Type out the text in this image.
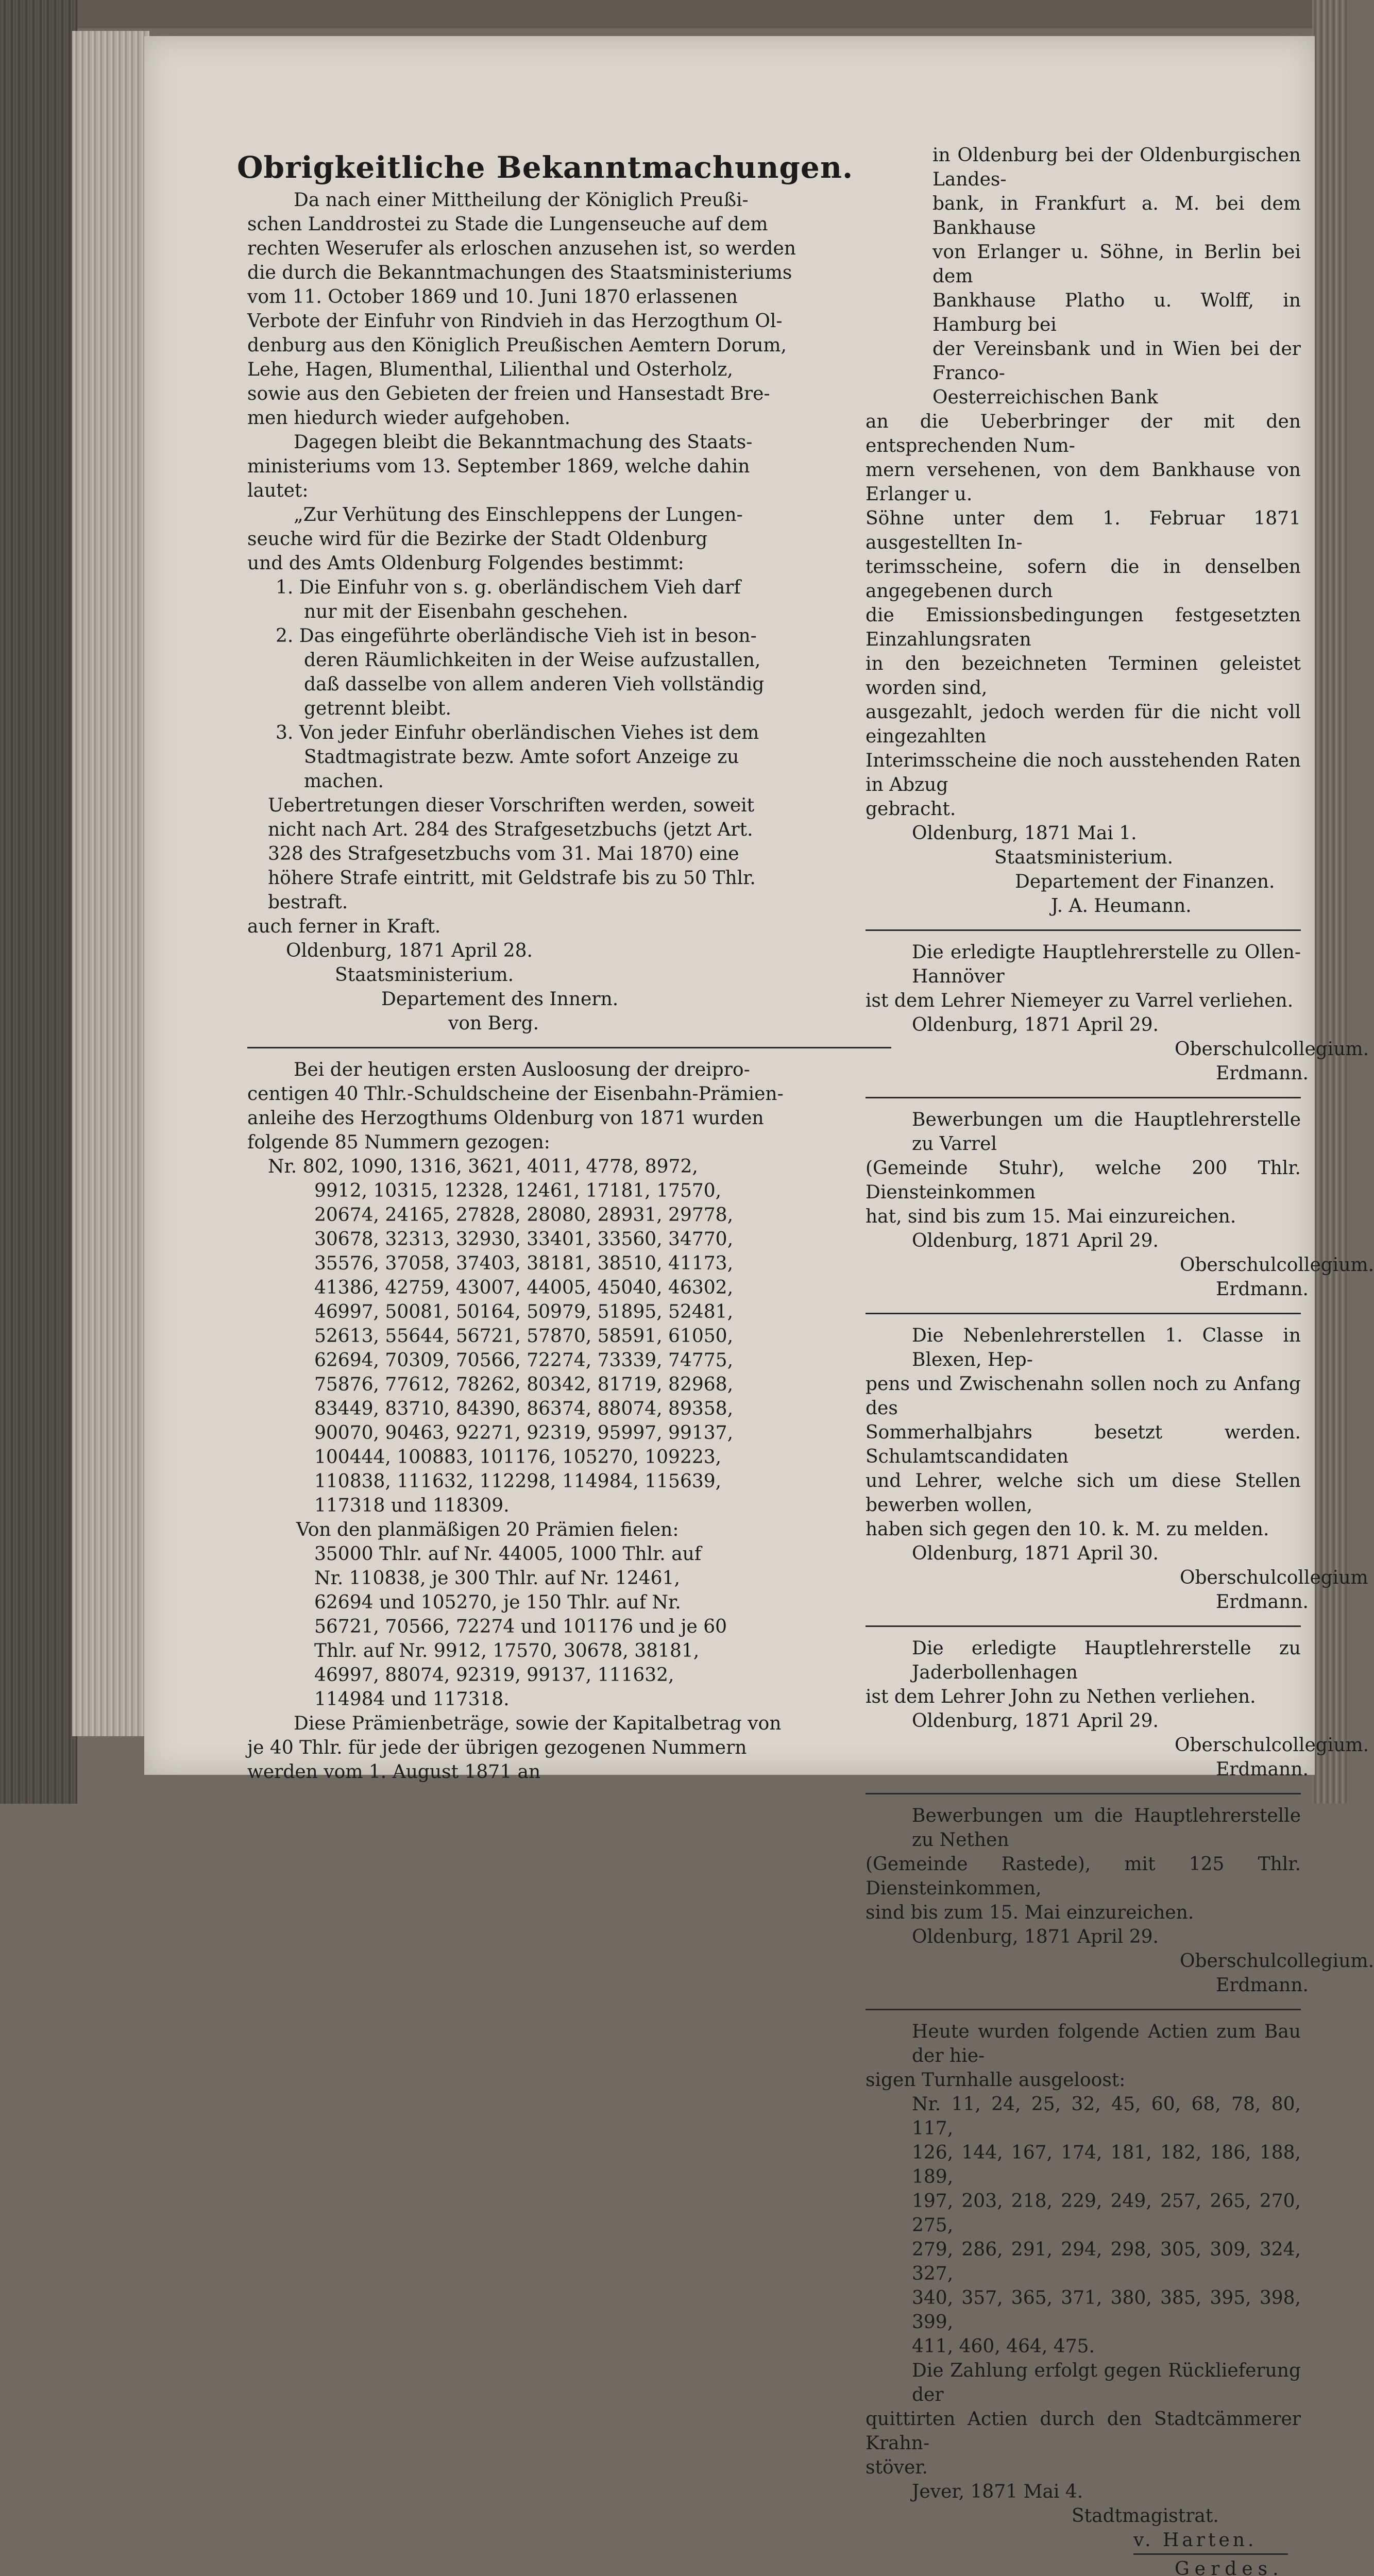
Obrigkeitliche Bekanntmachungen.

Da nach einer Mittheilung der Königlich Preußi-

schen Landdrostei zu Stade die Lungenseuche auf dem

rechten Weserufer als erloschen anzusehen ist, so werden

die durch die Bekanntmachungen des Staatsministeriums

vom 11. October 1869 und 10. Juni 1870 erlassenen

Verbote der Einfuhr von Rindvieh in das Herzogthum Ol-

denburg aus den Königlich Preußischen Aemtern Dorum,

Lehe, Hagen, Blumenthal, Lilienthal und Osterholz,

sowie aus den Gebieten der freien und Hansestadt Bre-

men hiedurch wieder aufgehoben.

Dagegen bleibt die Bekanntmachung des Staats-

ministeriums vom 13. September 1869, welche dahin

lautet:

„Zur Verhütung des Einschleppens der Lungen-

seuche wird für die Bezirke der Stadt Oldenburg

und des Amts Oldenburg Folgendes bestimmt:

1. Die Einfuhr von s. g. oberländischem Vieh darf

nur mit der Eisenbahn geschehen.

2. Das eingeführte oberländische Vieh ist in beson-

deren Räumlichkeiten in der Weise aufzustallen,

daß dasselbe von allem anderen Vieh vollständig

getrennt bleibt.

3. Von jeder Einfuhr oberländischen Viehes ist dem

Stadtmagistrate bezw. Amte sofort Anzeige zu

machen.

Uebertretungen dieser Vorschriften werden, soweit

nicht nach Art. 284 des Strafgesetzbuchs (jetzt Art.

328 des Strafgesetzbuchs vom 31. Mai 1870) eine

höhere Strafe eintritt, mit Geldstrafe bis zu 50 Thlr.

bestraft.

auch ferner in Kraft.

Oldenburg, 1871 April 28.

Staatsministerium.

Departement des Innern.

von Berg.

Bei der heutigen ersten Ausloosung der dreipro-

centigen 40 Thlr.-Schuldscheine der Eisenbahn-Prämien-

anleihe des Herzogthums Oldenburg von 1871 wurden

folgende 85 Nummern gezogen:

Nr. 802, 1090, 1316, 3621, 4011, 4778, 8972,

9912, 10315, 12328, 12461, 17181, 17570,

20674, 24165, 27828, 28080, 28931, 29778,

30678, 32313, 32930, 33401, 33560, 34770,

35576, 37058, 37403, 38181, 38510, 41173,

41386, 42759, 43007, 44005, 45040, 46302,

46997, 50081, 50164, 50979, 51895, 52481,

52613, 55644, 56721, 57870, 58591, 61050,

62694, 70309, 70566, 72274, 73339, 74775,

75876, 77612, 78262, 80342, 81719, 82968,

83449, 83710, 84390, 86374, 88074, 89358,

90070, 90463, 92271, 92319, 95997, 99137,

100444, 100883, 101176, 105270, 109223,

110838, 111632, 112298, 114984, 115639,

117318 und 118309.

Von den planmäßigen 20 Prämien fielen:

35000 Thlr. auf Nr. 44005, 1000 Thlr. auf

Nr. 110838, je 300 Thlr. auf Nr. 12461,

62694 und 105270, je 150 Thlr. auf Nr.

56721, 70566, 72274 und 101176 und je 60

Thlr. auf Nr. 9912, 17570, 30678, 38181,

46997, 88074, 92319, 99137, 111632,

114984 und 117318.

Diese Prämienbeträge, sowie der Kapitalbetrag von

je 40 Thlr. für jede der übrigen gezogenen Nummern

werden vom 1. August 1871 an

in Oldenburg bei der Oldenburgischen Landes-

bank, in Frankfurt a. M. bei dem Bankhause

von Erlanger u. Söhne, in Berlin bei dem

Bankhause Platho u. Wolff, in Hamburg bei

der Vereinsbank und in Wien bei der Franco-

Oesterreichischen Bank

an die Ueberbringer der mit den entsprechenden Num-

mern versehenen, von dem Bankhause von Erlanger u.

Söhne unter dem 1. Februar 1871 ausgestellten In-

terimsscheine, sofern die in denselben angegebenen durch

die Emissionsbedingungen festgesetzten Einzahlungsraten

in den bezeichneten Terminen geleistet worden sind,

ausgezahlt, jedoch werden für die nicht voll eingezahlten

Interimsscheine die noch ausstehenden Raten in Abzug

gebracht.

Oldenburg, 1871 Mai 1.

Staatsministerium.

Departement der Finanzen.

J. A. Heumann.

Die erledigte Hauptlehrerstelle zu Ollen-Hannöver

ist dem Lehrer Niemeyer zu Varrel verliehen.

Oldenburg, 1871 April 29.

Oberschulcollegium.

Erdmann.

Bewerbungen um die Hauptlehrerstelle zu Varrel

(Gemeinde Stuhr), welche 200 Thlr. Diensteinkommen

hat, sind bis zum 15. Mai einzureichen.

Oldenburg, 1871 April 29.

Oberschulcollegium.

Erdmann.

Die Nebenlehrerstellen 1. Classe in Blexen, Hep-

pens und Zwischenahn sollen noch zu Anfang des

Sommerhalbjahrs besetzt werden. Schulamtscandidaten

und Lehrer, welche sich um diese Stellen bewerben wollen,

haben sich gegen den 10. k. M. zu melden.

Oldenburg, 1871 April 30.

Oberschulcollegium

Erdmann.

Die erledigte Hauptlehrerstelle zu Jaderbollenhagen

ist dem Lehrer John zu Nethen verliehen.

Oldenburg, 1871 April 29.

Oberschulcollegium.

Erdmann.

Bewerbungen um die Hauptlehrerstelle zu Nethen

(Gemeinde Rastede), mit 125 Thlr. Diensteinkommen,

sind bis zum 15. Mai einzureichen.

Oldenburg, 1871 April 29.

Oberschulcollegium.

Erdmann.

Heute wurden folgende Actien zum Bau der hie-

sigen Turnhalle ausgeloost:

Nr. 11, 24, 25, 32, 45, 60, 68, 78, 80, 117,

126, 144, 167, 174, 181, 182, 186, 188, 189,

197, 203, 218, 229, 249, 257, 265, 270, 275,

279, 286, 291, 294, 298, 305, 309, 324, 327,

340, 357, 365, 371, 380, 385, 395, 398, 399,

411, 460, 464, 475.

Die Zahlung erfolgt gegen Rücklieferung der

quittirten Actien durch den Stadtcämmerer Krahn-

stöver.

Jever, 1871 Mai 4.

Stadtmagistrat.

v. Harten.

Gerdes.
